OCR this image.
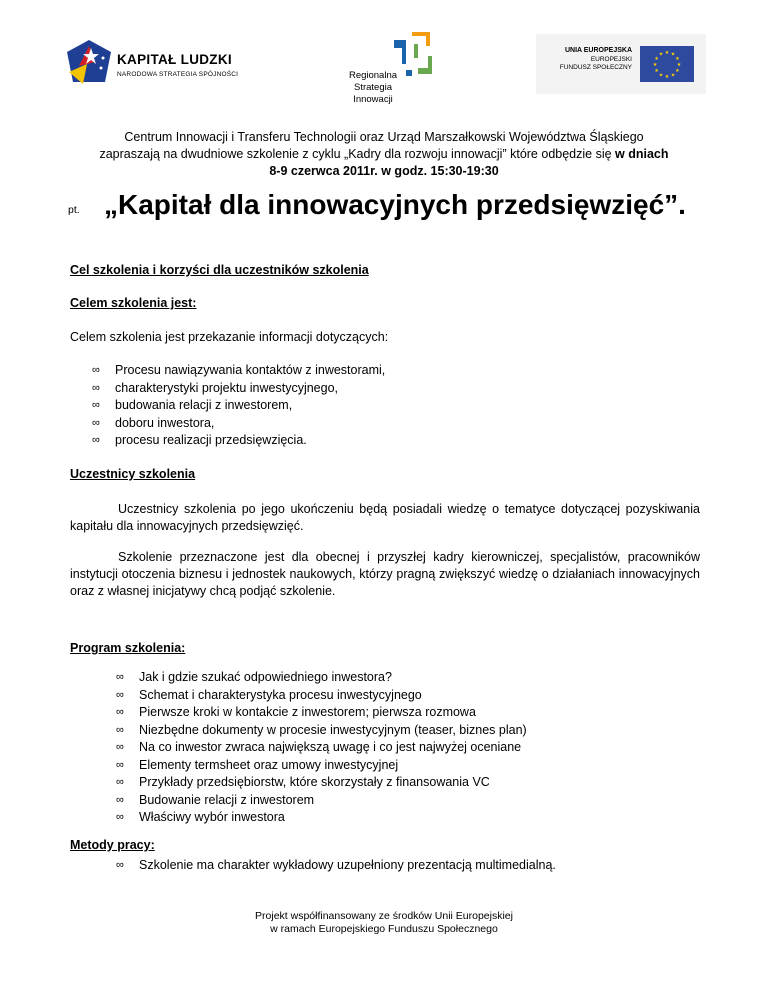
KAPITAŁ LUDZKI
NARODOWA STRATEGIA SPÓJNOŚCI	Regionalna
Strategia
Innowacji
UNIA EUROPEJSKA
EUROPEJSKI
FUNDUSZ SPOŁECZNY
★ ★
★
★
★
★
★
★
★
★
★
★
Centrum Innowacji i Transferu Technologii oraz Urząd Marszałkowski Województwa Śląskiego
zapraszają na dwudniowe szkolenie z cyklu „Kadry dla rozwoju innowacji” które odbędzie się w dniach
8-9 czerwca 2011r. w godz. 15:30-19:30
pt. „Kapitał dla innowacyjnych przedsięwzięć”.
Cel szkolenia i korzyści dla uczestników szkolenia
Celem szkolenia jest:
Celem szkolenia jest przekazanie informacji dotyczących:
∞ Procesu nawiązywania kontaktów z inwestorami,
∞ charakterystyki projektu inwestycyjnego,
∞ budowania relacji z inwestorem,
∞ doboru inwestora,
∞ procesu realizacji przedsięwzięcia.
Uczestnicy szkolenia
Uczestnicy szkolenia po jego ukończeniu będą posiadali wiedzę o tematyce dotyczącej pozyskiwania kapitału dla innowacyjnych przedsięwzięć.
Szkolenie przeznaczone jest dla obecnej i przyszłej kadry kierowniczej, specjalistów, pracowników instytucji otoczenia biznesu i jednostek naukowych, którzy pragną zwiększyć wiedzę o działaniach innowacyjnych oraz z własnej inicjatywy chcą podjąć szkolenie.
Program szkolenia:
∞ Jak i gdzie szukać odpowiedniego inwestora?
∞ Schemat i charakterystyka procesu inwestycyjnego
∞ Pierwsze kroki w kontakcie z inwestorem; pierwsza rozmowa
∞ Niezbędne dokumenty w procesie inwestycyjnym (teaser, biznes plan)
∞ Na co inwestor zwraca największą uwagę i co jest najwyżej oceniane
∞ Elementy termsheet oraz umowy inwestycyjnej
∞ Przykłady przedsiębiorstw, które skorzystały z finansowania VC
∞ Budowanie relacji z inwestorem
∞ Właściwy wybór inwestora
Metody pracy:
∞ Szkolenie ma charakter wykładowy uzupełniony prezentacją multimedialną.
Projekt współfinansowany ze środków Unii Europejskiej
w ramach Europejskiego Funduszu Społecznego
